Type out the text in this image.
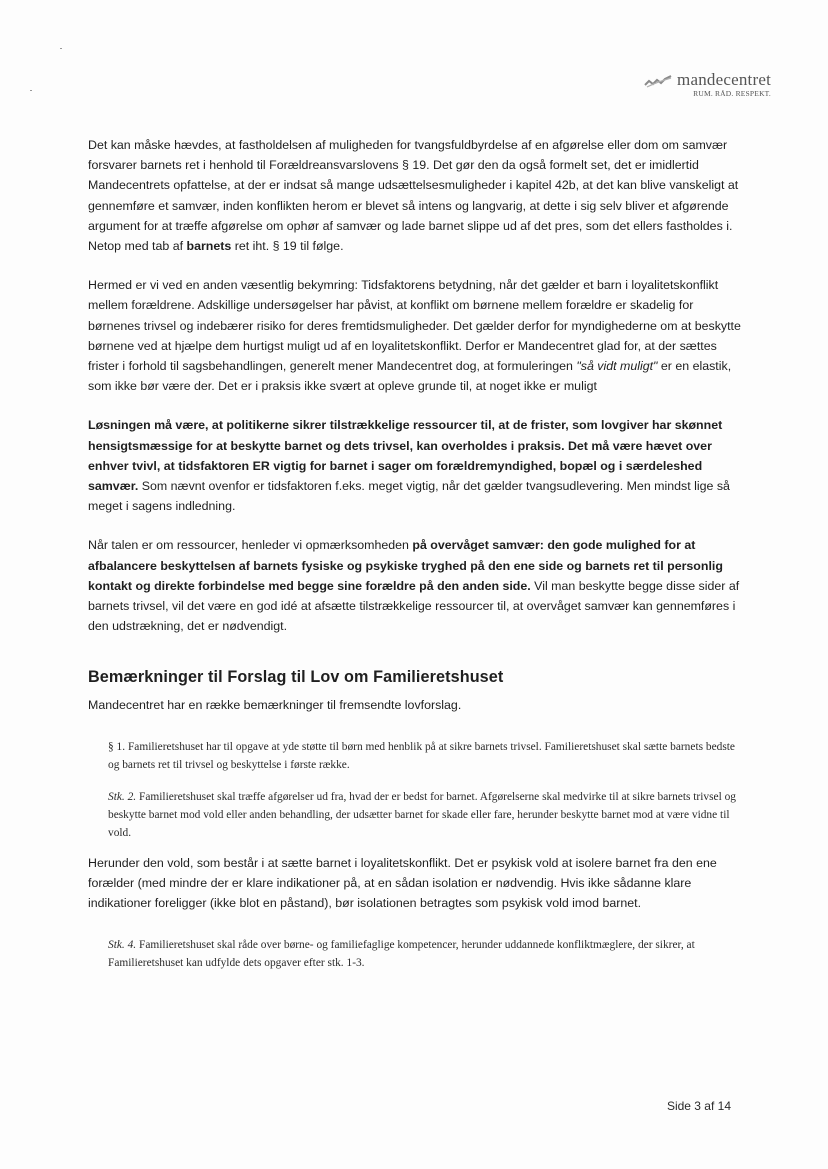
mandecentret
RUM. RÅD. RESPEKT.

Det kan måske hævdes, at fastholdelsen af muligheden for tvangsfuldbyrdelse af en afgørelse eller dom om samvær forsvarer barnets ret i henhold til Forældreansvarslovens § 19. Det gør den da også formelt set, det er imidlertid Mandecentrets opfattelse, at der er indsat så mange udsættelsesmuligheder i kapitel 42b, at det kan blive vanskeligt at gennemføre et samvær, inden konflikten herom er blevet så intens og langvarig, at dette i sig selv bliver et afgørende argument for at træffe afgørelse om ophør af samvær og lade barnet slippe ud af det pres, som det ellers fastholdes i. Netop med tab af barnets ret iht. § 19 til følge.

Hermed er vi ved en anden væsentlig bekymring: Tidsfaktorens betydning, når det gælder et barn i loyalitetskonflikt mellem forældrene. Adskillige undersøgelser har påvist, at konflikt om børnene mellem forældre er skadelig for børnenes trivsel og indebærer risiko for deres fremtidsmuligheder. Det gælder derfor for myndighederne om at beskytte børnene ved at hjælpe dem hurtigst muligt ud af en loyalitetskonflikt. Derfor er Mandecentret glad for, at der sættes frister i forhold til sagsbehandlingen, generelt mener Mandecentret dog, at formuleringen "så vidt muligt" er en elastik, som ikke bør være der. Det er i praksis ikke svært at opleve grunde til, at noget ikke er muligt

Løsningen må være, at politikerne sikrer tilstrækkelige ressourcer til, at de frister, som lovgiver har skønnet hensigtsmæssige for at beskytte barnet og dets trivsel, kan overholdes i praksis. Det må være hævet over enhver tvivl, at tidsfaktoren ER vigtig for barnet i sager om forældremyndighed, bopæl og i særdeleshed samvær. Som nævnt ovenfor er tidsfaktoren f.eks. meget vigtig, når det gælder tvangsudlevering. Men mindst lige så meget i sagens indledning.

Når talen er om ressourcer, henleder vi opmærksomheden på overvåget samvær: den gode mulighed for at afbalancere beskyttelsen af barnets fysiske og psykiske tryghed på den ene side og barnets ret til personlig kontakt og direkte forbindelse med begge sine forældre på den anden side. Vil man beskytte begge disse sider af barnets trivsel, vil det være en god idé at afsætte tilstrækkelige ressourcer til, at overvåget samvær kan gennemføres i den udstrækning, det er nødvendigt.

Bemærkninger til Forslag til Lov om Familieretshuset

Mandecentret har en række bemærkninger til fremsendte lovforslag.

§ 1. Familieretshuset har til opgave at yde støtte til børn med henblik på at sikre barnets trivsel. Familieretshuset skal sætte barnets bedste og barnets ret til trivsel og beskyttelse i første række.

Stk. 2. Familieretshuset skal træffe afgørelser ud fra, hvad der er bedst for barnet. Afgørelserne skal medvirke til at sikre barnets trivsel og beskytte barnet mod vold eller anden behandling, der udsætter barnet for skade eller fare, herunder beskytte barnet mod at være vidne til vold.

Herunder den vold, som består i at sætte barnet i loyalitetskonflikt. Det er psykisk vold at isolere barnet fra den ene forælder (med mindre der er klare indikationer på, at en sådan isolation er nødvendig. Hvis ikke sådanne klare indikationer foreligger (ikke blot en påstand), bør isolationen betragtes som psykisk vold imod barnet.

Stk. 4. Familieretshuset skal råde over børne- og familiefaglige kompetencer, herunder uddannede konfliktmæglere, der sikrer, at Familieretshuset kan udfylde dets opgaver efter stk. 1-3.

Side 3 af 14
